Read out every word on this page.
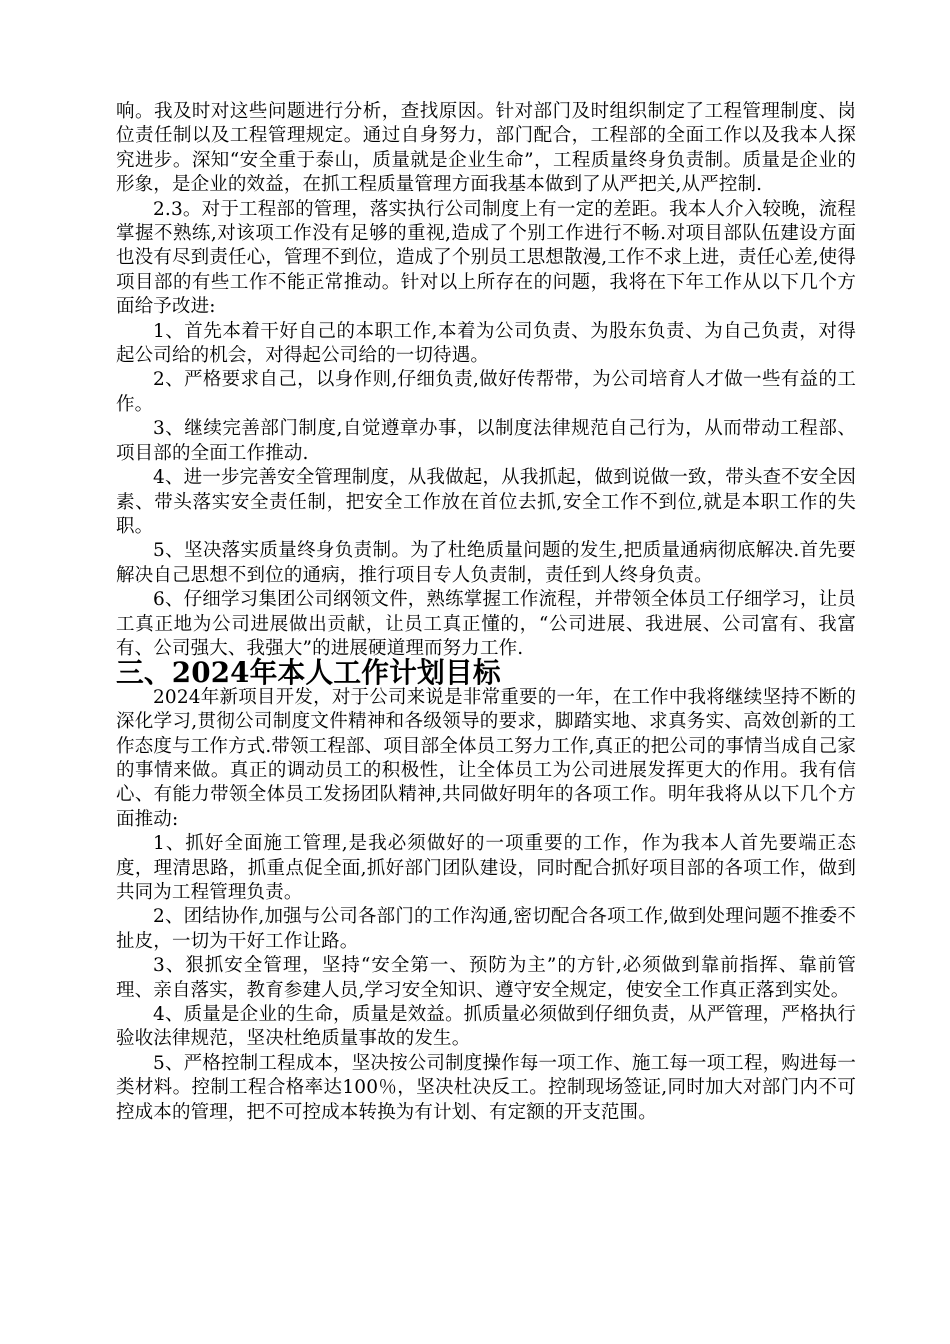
响。我及时对这些问题进行分析，查找原因。针对部门及时组织制定了工程管理制度、岗位责任制以及工程管理规定。通过自身努力，部门配合，工程部的全面工作以及我本人探究进步。深知“安全重于泰山，质量就是企业生命”，工程质量终身负责制。质量是企业的形象，是企业的效益，在抓工程质量管理方面我基本做到了从严把关,从严控制.

2.3。对于工程部的管理，落实执行公司制度上有一定的差距。我本人介入较晚，流程掌握不熟练,对该项工作没有足够的重视,造成了个别工作进行不畅.对项目部队伍建设方面也没有尽到责任心，管理不到位，造成了个别员工思想散漫,工作不求上进，责任心差,使得项目部的有些工作不能正常推动。针对以上所存在的问题，我将在下年工作从以下几个方面给予改进:

1、首先本着干好自己的本职工作,本着为公司负责、为股东负责、为自己负责，对得起公司给的机会，对得起公司给的一切待遇。

2、严格要求自己，以身作则,仔细负责,做好传帮带，为公司培育人才做一些有益的工作。

3、继续完善部门制度,自觉遵章办事，以制度法律规范自己行为，从而带动工程部、项目部的全面工作推动.

4、进一步完善安全管理制度，从我做起，从我抓起，做到说做一致，带头查不安全因素、带头落实安全责任制，把安全工作放在首位去抓,安全工作不到位,就是本职工作的失职。

5、坚决落实质量终身负责制。为了杜绝质量问题的发生,把质量通病彻底解决.首先要解决自己思想不到位的通病，推行项目专人负责制，责任到人终身负责。

6、仔细学习集团公司纲领文件，熟练掌握工作流程，并带领全体员工仔细学习，让员工真正地为公司进展做出贡献，让员工真正懂的，“公司进展、我进展、公司富有、我富有、公司强大、我强大”的进展硬道理而努力工作.

三、2024年本人工作计划目标

2024年新项目开发，对于公司来说是非常重要的一年，在工作中我将继续坚持不断的深化学习,贯彻公司制度文件精神和各级领导的要求，脚踏实地、求真务实、高效创新的工作态度与工作方式.带领工程部、项目部全体员工努力工作,真正的把公司的事情当成自己家的事情来做。真正的调动员工的积极性，让全体员工为公司进展发挥更大的作用。我有信心、有能力带领全体员工发扬团队精神,共同做好明年的各项工作。明年我将从以下几个方面推动:

1、抓好全面施工管理,是我必须做好的一项重要的工作，作为我本人首先要端正态度，理清思路，抓重点促全面,抓好部门团队建设，同时配合抓好项目部的各项工作，做到共同为工程管理负责。

2、团结协作,加强与公司各部门的工作沟通,密切配合各项工作,做到处理问题不推委不扯皮，一切为干好工作让路。

3、狠抓安全管理，坚持“安全第一、预防为主”的方针,必须做到靠前指挥、靠前管理、亲自落实，教育参建人员,学习安全知识、遵守安全规定，使安全工作真正落到实处。

4、质量是企业的生命，质量是效益。抓质量必须做到仔细负责，从严管理，严格执行验收法律规范，坚决杜绝质量事故的发生。

5、严格控制工程成本，坚决按公司制度操作每一项工作、施工每一项工程，购进每一类材料。控制工程合格率达100％，坚决杜决反工。控制现场签证,同时加大对部门内不可控成本的管理，把不可控成本转换为有计划、有定额的开支范围。
